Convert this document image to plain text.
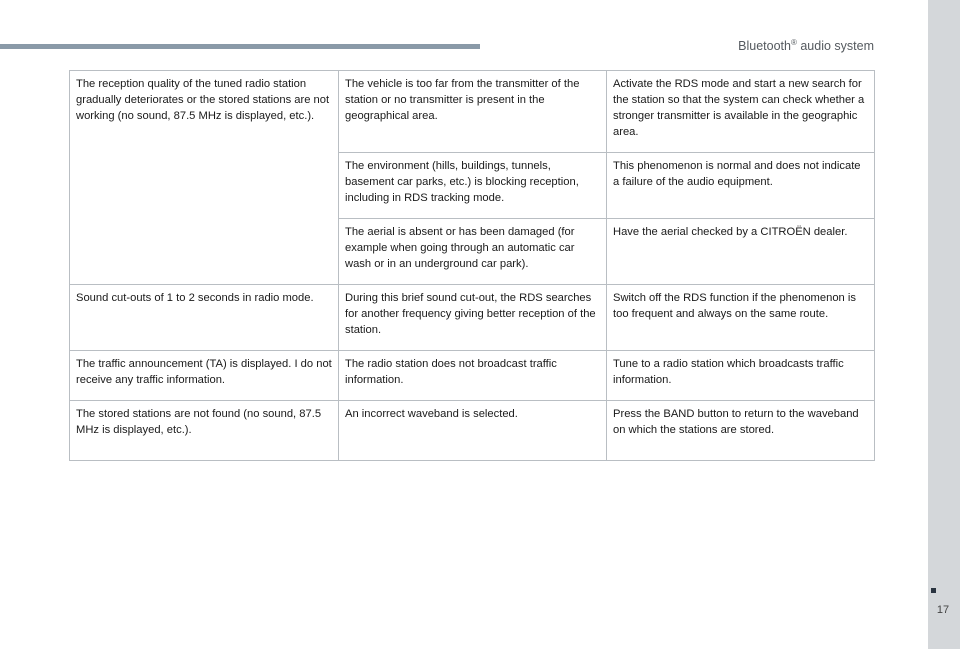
Bluetooth® audio system
The reception quality of the tuned radio station gradually deteriorates or the stored stations are not working (no sound, 87.5 MHz is displayed, etc.).	The vehicle is too far from the transmitter of the station or no transmitter is present in the geographical area.	Activate the RDS mode and start a new search for the station so that the system can check whether a stronger transmitter is available in the geographic area.
	The environment (hills, buildings, tunnels, basement car parks, etc.) is blocking reception, including in RDS tracking mode.	This phenomenon is normal and does not indicate a failure of the audio equipment.
	The aerial is absent or has been damaged (for example when going through an automatic car wash or in an underground car park).	Have the aerial checked by a CITROËN dealer.
Sound cut-outs of 1 to 2 seconds in radio mode.	During this brief sound cut-out, the RDS searches for another frequency giving better reception of the station.	Switch off the RDS function if the phenomenon is too frequent and always on the same route.
The traffic announcement (TA) is displayed. I do not receive any traffic information.	The radio station does not broadcast traffic information.	Tune to a radio station which broadcasts traffic information.
The stored stations are not found (no sound, 87.5 MHz is displayed, etc.).	An incorrect waveband is selected.	Press the BAND button to return to the waveband on which the stations are stored.
17
